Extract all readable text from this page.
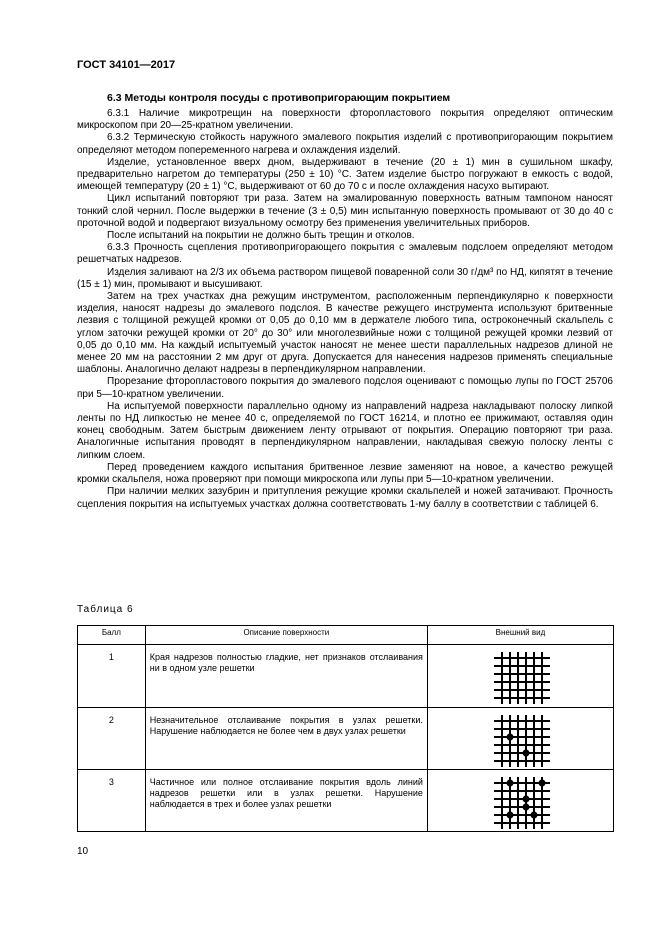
ГОСТ 34101—2017
6.3 Методы контроля посуды с противопригорающим покрытием

6.3.1 Наличие микротрещин на поверхности фторопластового покрытия определяют оптическим микроскопом при 20—25-кратном увеличении.

6.3.2 Термическую стойкость наружного эмалевого покрытия изделий с противопригорающим покрытием определяют методом попеременного нагрева и охлаждения изделий.

Изделие, установленное вверх дном, выдерживают в течение (20 ± 1) мин в сушильном шкафу, предварительно нагретом до температуры (250 ± 10) °С. Затем изделие быстро погружают в емкость с водой, имеющей температуру (20 ± 1) °С, выдерживают от 60 до 70 с и после охлаждения насухо вытирают.

Цикл испытаний повторяют три раза. Затем на эмалированную поверхность ватным тампоном наносят тонкий слой чернил. После выдержки в течение (3 ± 0,5) мин испытанную поверхность промывают от 30 до 40 с проточной водой и подвергают визуальному осмотру без применения увеличительных приборов.

После испытаний на покрытии не должно быть трещин и отколов.

6.3.3 Прочность сцепления противопригорающего покрытия с эмалевым подслоем определяют методом решетчатых надрезов.

Изделия заливают на 2/3 их объема раствором пищевой поваренной соли 30 г/дм³ по НД, кипятят в течение (15 ± 1) мин, промывают и высушивают.

Затем на трех участках дна режущим инструментом, расположенным перпендикулярно к поверхности изделия, наносят надрезы до эмалевого подслоя. В качестве режущего инструмента используют бритвенные лезвия с толщиной режущей кромки от 0,05 до 0,10 мм в держателе любого типа, остроконечный скальпель с углом заточки режущей кромки от 20° до 30° или многолезвийные ножи с толщиной режущей кромки лезвий от 0,05 до 0,10 мм. На каждый испытуемый участок наносят не менее шести параллельных надрезов длиной не менее 20 мм на расстоянии 2 мм друг от друга. Допускается для нанесения надрезов применять специальные шаблоны. Аналогично делают надрезы в перпендикулярном направлении.

Прорезание фторопластового покрытия до эмалевого подслоя оценивают с помощью лупы по ГОСТ 25706 при 5—10-кратном увеличении.

На испытуемой поверхности параллельно одному из направлений надреза накладывают полоску липкой ленты по НД липкостью не менее 40 с, определяемой по ГОСТ 16214, и плотно ее прижимают, оставляя один конец свободным. Затем быстрым движением ленту отрывают от покрытия. Операцию повторяют три раза. Аналогичные испытания проводят в перпендикулярном направлении, накладывая свежую полоску ленты с липким слоем.

Перед проведением каждого испытания бритвенное лезвие заменяют на новое, а качество режущей кромки скальпеля, ножа проверяют при помощи микроскопа или лупы при 5—10-кратном увеличении.

При наличии мелких зазубрин и притупления режущие кромки скальпелей и ножей затачивают. Прочность сцепления покрытия на испытуемых участках должна соответствовать 1-му баллу в соответствии с таблицей 6.

Таблица 6
Балл	Описание поверхности	Внешний вид
1	Края надрезов полностью гладкие, нет признаков отслаивания ни в одном узле решетки	

2	Незначительное отслаивание покрытия в узлах решетки. Нарушение наблюдается не более чем в двух узлах решетки	

3	Частичное или полное отслаивание покрытия вдоль линий надрезов решетки или в узлах решетки. Нарушение наблюдается в трех и более узлах решетки	
10
